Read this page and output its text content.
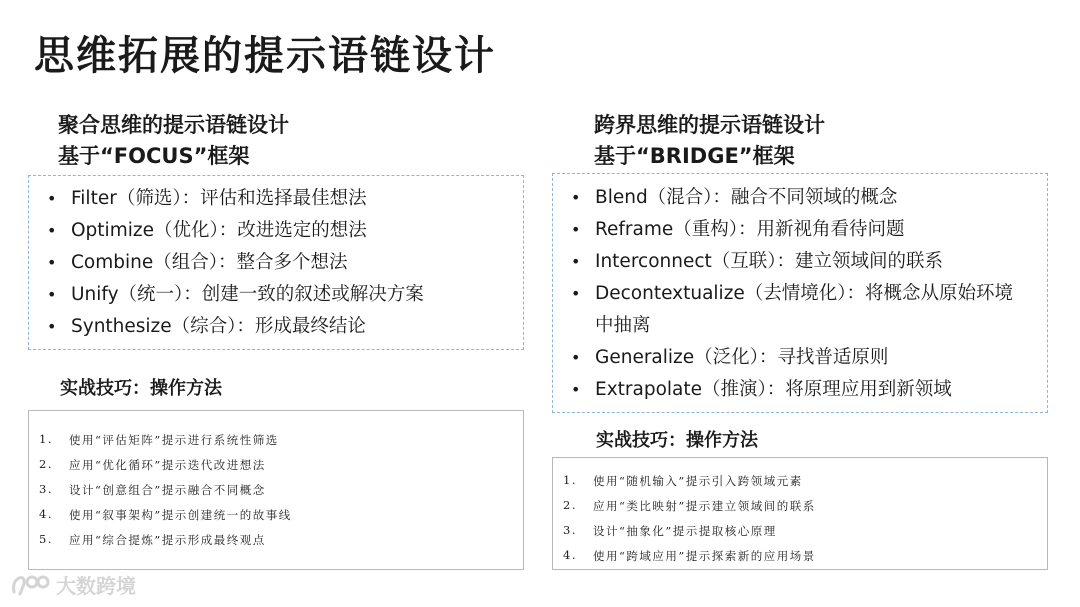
思维拓展的提示语链设计
聚合思维的提示语链设计
基于“FOCUS”框架
• Filter（筛选）：评估和选择最佳想法
• Optimize（优化）：改进选定的想法
• Combine（组合）：整合多个想法
• Unify（统一）：创建一致的叙述或解决方案
• Synthesize（综合）：形成最终结论
实战技巧：操作方法
1.	使用“评估矩阵”提示进行系统性筛选
2.	应用“优化循环”提示迭代改进想法
3.	设计“创意组合”提示融合不同概念
4.	使用“叙事架构”提示创建统一的故事线
5.	应用“综合提炼”提示形成最终观点
跨界思维的提示语链设计
基于“BRIDGE”框架
• Blend（混合）：融合不同领域的概念
• Reframe（重构）：用新视角看待问题
• Interconnect（互联）：建立领域间的联系
• Decontextualize（去情境化）：将概念从原始环境中抽离
• Generalize（泛化）：寻找普适原则
• Extrapolate（推演）：将原理应用到新领域
实战技巧：操作方法
1.	使用“随机输入”提示引入跨领域元素
2.	应用“类比映射”提示建立领域间的联系
3.	设计“抽象化”提示提取核心原理
4.	使用“跨域应用”提示探索新的应用场景
大数跨境
